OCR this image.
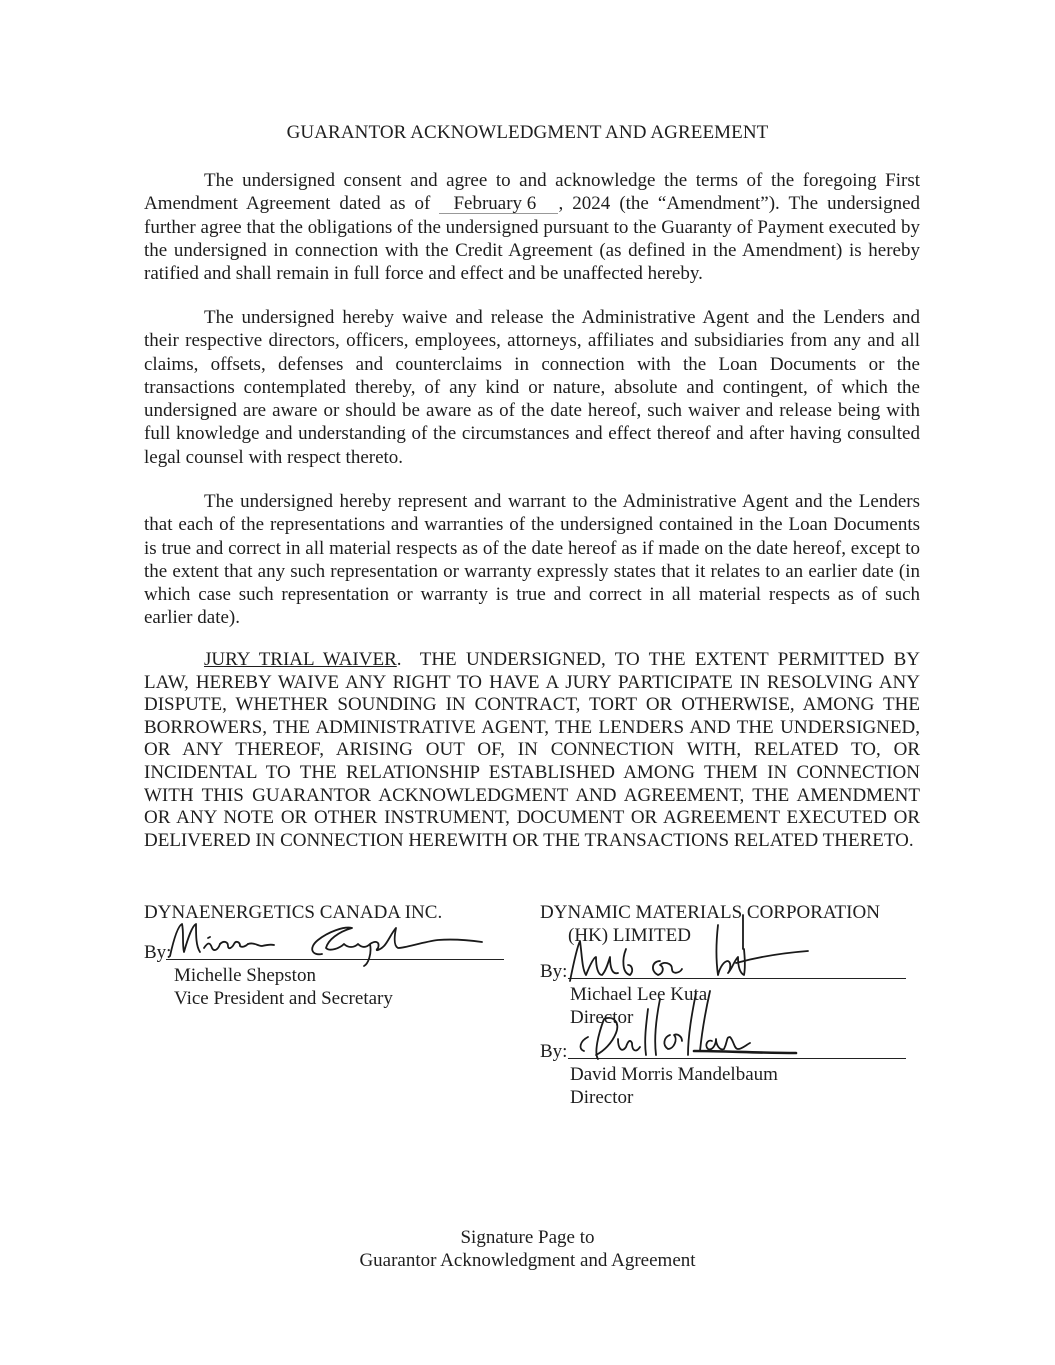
GUARANTOR ACKNOWLEDGMENT AND AGREEMENT

The undersigned consent and agree to and acknowledge the terms of the foregoing First Amendment Agreement dated as of February 6 , 2024 (the “Amendment”). The undersigned further agree that the obligations of the undersigned pursuant to the Guaranty of Payment executed by the undersigned in connection with the Credit Agreement (as defined in the Amendment) is hereby ratified and shall remain in full force and effect and be unaffected hereby.

The undersigned hereby waive and release the Administrative Agent and the Lenders and their respective directors, officers, employees, attorneys, affiliates and subsidiaries from any and all claims, offsets, defenses and counterclaims in connection with the Loan Documents or the transactions contemplated thereby, of any kind or nature, absolute and contingent, of which the undersigned are aware or should be aware as of the date hereof, such waiver and release being with full knowledge and understanding of the circumstances and effect thereof and after having consulted legal counsel with respect thereto.

The undersigned hereby represent and warrant to the Administrative Agent and the Lenders that each of the representations and warranties of the undersigned contained in the Loan Documents is true and correct in all material respects as of the date hereof as if made on the date hereof, except to the extent that any such representation or warranty expressly states that it relates to an earlier date (in which case such representation or warranty is true and correct in all material respects as of such earlier date).

JURY TRIAL WAIVER.  THE UNDERSIGNED, TO THE EXTENT PERMITTED BY LAW, HEREBY WAIVE ANY RIGHT TO HAVE A JURY PARTICIPATE IN RESOLVING ANY DISPUTE, WHETHER SOUNDING IN CONTRACT, TORT OR OTHERWISE, AMONG THE BORROWERS, THE ADMINISTRATIVE AGENT, THE LENDERS AND THE UNDERSIGNED, OR ANY THEREOF, ARISING OUT OF, IN CONNECTION WITH, RELATED TO, OR INCIDENTAL TO THE RELATIONSHIP ESTABLISHED AMONG THEM IN CONNECTION WITH THIS GUARANTOR ACKNOWLEDGMENT AND AGREEMENT, THE AMENDMENT OR ANY NOTE OR OTHER INSTRUMENT, DOCUMENT OR AGREEMENT EXECUTED OR DELIVERED IN CONNECTION HEREWITH OR THE TRANSACTIONS RELATED THERETO.

DYNAENERGETICS CANADA INC.
By:
Michelle Shepston
Vice President and Secretary
DYNAMIC MATERIALS CORPORATION
(HK) LIMITED
By:
Michael Lee Kuta
Director
By:
David Morris Mandelbaum
Director
Signature Page to
Guarantor Acknowledgment and Agreement
